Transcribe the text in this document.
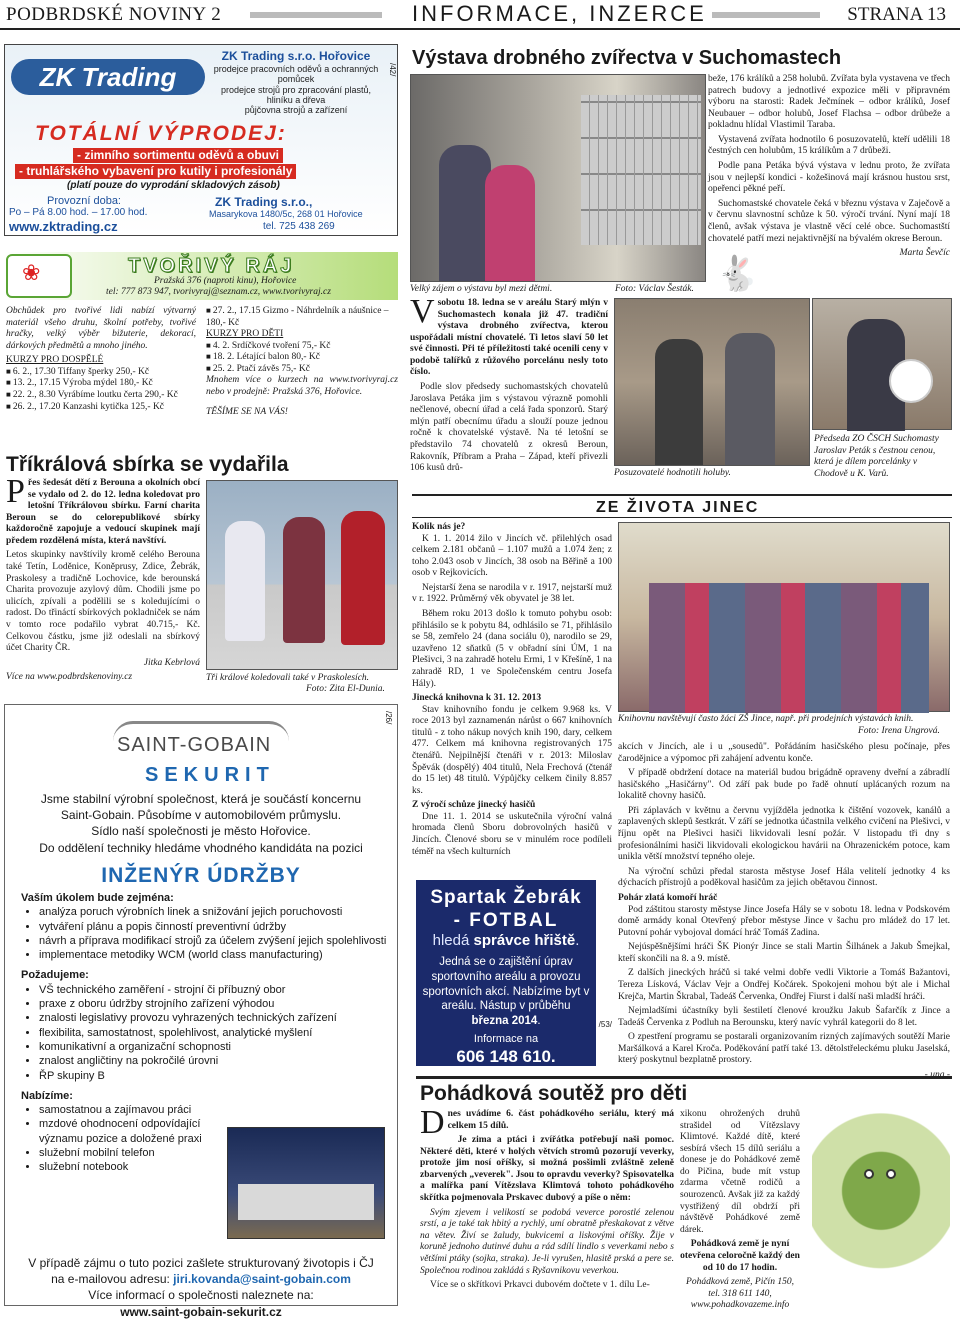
PODBRDSKÉ NOVINY 2	INFORMACE, INZERCE	STRANA 13
ZK Trading
ZK Trading s.r.o. Hořovice
prodejce pracovních oděvů a ochranných pomůcek
prodejce strojů pro zpracování plastů, hliníku a dřeva
půjčovna strojů a zařízení
/42/
TOTÁLNÍ VÝPRODEJ:
- zimního sortimentu oděvů a obuvi
- truhlářského vybavení pro kutily i profesionály
(platí pouze do vyprodání skladových zásob)
Provozní doba:
Po – Pá 8.00 hod. – 17.00 hod.
www.zktrading.cz
ZK Trading s.r.o.,
Masarykova 1480/5c, 268 01 Hořovice
tel. 725 438 269
❀	TVOŘIVÝ RÁJ
Pražská 376 (naproti kinu), Hořovice
tel: 777 873 947, tvorivyraj@seznam.cz, www.tvorivyraj.cz

Obchůdek pro tvořivé lidi nabízí výtvarný materiál všeho druhu, školní potřeby, tvořivé hračky, velký výběr bižuterie, dekorací, dárkových předmětů a mnoho jiného.

KURZY PRO DOSPĚLÉ
■ 6. 2., 17.30 Tiffany šperky 250,- Kč
■ 13. 2., 17.15 Výroba mýdel 180,- Kč
■ 22. 2., 8.30 Vyrábíme loutku čerta 290,- Kč
■ 26. 2., 17.20 Kanzashi kytička 125,- Kč
■ 27. 2., 17.15 Gizmo - Náhrdelník a náušnice – 180,- Kč
KURZY PRO DĚTI
■ 4. 2. Srdíčkové tvoření 75,- Kč
■ 18. 2. Létající balon 80,- Kč
■ 25. 2. Ptačí závěs 75,- Kč

Mnohem více o kurzech na www.tvorivyraj.cz nebo v prodejně: Pražská 376, Hořovice.

TĚŠÍME SE NA VÁS!

Tříkrálová sbírka se vydařila

Přes šedesát dětí z Berouna a okolních obcí se vydalo od 2. do 12. ledna koledovat pro letošní Tříkrálovou sbírku. Farní charita Beroun se do celorepublikové sbírky každoročně zapojuje a vedoucí skupinek mají předem rozdělená místa, která navštíví.

Letos skupinky navštívily kromě celého Berouna také Tetín, Loděnice, Koněprusy, Zdice, Žebrák, Praskolesy a tradičně Lochovice, kde berounská Charita provozuje azylový dům. Chodili jsme po ulicích, zpívali a podělili se s koledujícími o radost. Do třináctí sbírkových pokladniček se nám v tomto roce podařilo vybrat 40.715,- Kč. Celkovou částku, jsme již odeslali na sbírkový účet Charity ČR.

Jitka Kebrlová

Více na www.podbrdskenoviny.cz	Tři králové koledovali také v Praskolesích.
Foto: Zita El-Dunia.
SAINT-GOBAIN
SEKURIT
/26/
Jsme stabilní výrobní společnost, která je součástí koncernu
Saint-Gobain. Působíme v automobilovém průmyslu.
Sídlo naší společnosti je město Hořovice.
Do oddělení techniky hledáme vhodného kandidáta na pozici
INŽENÝR ÚDRŽBY
Vaším úkolem bude zejména:
• analýza poruch výrobních linek a snižování jejich poruchovosti
• vytváření plánu a popis činností preventivní údržby
• návrh a příprava modifikací strojů za účelem zvýšení jejich spolehlivosti
• implementace metodiky WCM (world class manufacturing)
Požadujeme:
• VŠ technického zaměření - strojní či příbuzný obor
• praxe z oboru údržby strojního zařízení výhodou
• znalosti legislativy provozu vyhrazených technických zařízení
• flexibilita, samostatnost, spolehlivost, analytické myšlení
• komunikativní a organizační schopnosti
• znalost angličtiny na pokročilé úrovni
• ŘP skupiny B
Nabízíme:
• samostatnou a zajímavou práci
• mzdové ohodnocení odpovídající významu pozice a doložené praxi
• služební mobilní telefon
• služební notebook
V případě zájmu o tuto pozici zašlete strukturovaný životopis i ČJ
na e-mailovou adresu: jiri.kovanda@saint-gobain.com
Více informací o společnosti naleznete na:
www.saint-gobain-sekurit.cz
Výstava drobného zvířectva v Suchomastech
Velký zájem o výstavu byl mezi dětmi.	Foto: Václav Šesták.

beže, 176 králíků a 258 holubů. Zvířata byla vystavena ve třech patrech budovy a jednotlivé expozice měli v připravném výboru na starosti: Radek Ječmínek – odbor králíků, Josef Neubauer – odbor holubů, Josef Flachsa – odbor drůbeže a pokladnu hlídal Vlastimil Taraba.

Vystavená zvířata hodnotilo 6 posuzovatelů, kteří udělili 18 čestných cen holubům, 15 králíkům a 7 drůbeži.

Podle pana Petáka bývá výstava v lednu proto, že zvířata jsou v nejlepší kondici - kožešinová mají krásnou hustou srst, opeřenci pěkné peří.

Suchomastské chovatele čeká v březnu výstava v Zaječově a v červnu slavnostní schůze k 50. výročí trvání. Nyní mají 18 členů, avšak výstava je vlastně věcí celé obce. Suchomastští chovatelé patří mezi nejaktivnější na bývalém okrese Beroun.

Marta Ševčíc

🐇

Vsobotu 18. ledna se v areálu Starý mlýn v Suchomastech konala již 47. tradiční výstava drobného zvířectva, kterou uspořádali místní chovatelé. Ti letos slaví 50 let své činnosti. Při té příležitosti také ocenili ceny v podobě talířků z růžového porcelánu nesly toto číslo.

Podle slov předsedy suchomastských chovatelů Jaroslava Petáka jim s výstavou výrazně pomohli nečlenové, obecní úřad a celá řada sponzorů. Starý mlýn patří obecnímu úřadu a slouží pouze jednou ročně k chovatelské výstavě. Na té letošní se představilo 74 chovatelů z okresů Beroun, Rakovník, Příbram a Praha – Západ, kteří přivezli 106 kusů drů-	Posuzovatelé hodnotili holuby.
Předseda ZO ČSCH Suchomasty Jaroslav Peták s čestnou cenou, která je dílem porcelánky v Chodově u K. Varů.
ZE ŽIVOTA JINEC
Kolik nás je?

K 1. 1. 2014 žilo v Jincích vč. přilehlých osad celkem 2.181 občanů – 1.107 mužů a 1.074 žen; z toho 2.043 osob v Jincích, 38 osob na Běřině a 100 osob v Rejkovicích.

Nejstarší žena se narodila v r. 1917, nejstarší muž v r. 1922. Průměrný věk obyvatel je 38 let.

Během roku 2013 došlo k tomuto pohybu osob: přihlásilo se k pobytu 84, odhlásilo se 71, přihlásilo se 58, zemřelo 24 (dana sociálu 0), narodilo se 29, uzavřeno 12 sňatků (5 v obřadní síni ÚM, 1 na Plešivci, 3 na zahradě hotelu Ermi, 1 v Křešíně, 1 na zahradě RD, 1 ve Společenském centru Josefa Hály).

Jinecká knihovna k 31. 12. 2013

Stav knihovního fondu je celkem 9.968 ks. V roce 2013 byl zaznamenán nárůst o 667 knihovních titulů - z toho nákup nových knih 190, dary, celkem 477. Celkem má knihovna registrovaných 175 čtenářů. Nejpilnější čtenáři v r. 2013: Miloslav Špěvák (dospělý) 404 titulů, Nela Frechová (čtenář do 15 let) 48 titulů. Výpůjčky celkem činily 8.857 ks.

Z výročí schůze jinecký hasičů

Dne 11. 1. 2014 se uskutečnila výroční valná hromada členů Sboru dobrovolných hasičů v Jincích. Členové sboru se v minulém roce podíleli téměř na všech kulturních

Knihovnu navštěvují často žáci ZŠ Jince, např. při prodejních výstavách knih.
Foto: Irena Ungrová.

akcích v Jincích, ale i u „sousedů". Pořádáním hasičského plesu počínaje, přes čarodějnice a výpomoc při zahájení adventu konče.

V případě obdržení dotace na materiál budou brigádně opraveny dveřní a zábradlí hasičského „Hasičárny". Od září pak bude po řadě ohnutí uplácaných rozum na lokalitě chovny hasičů.

Při záplavách v květnu a červnu vyjížděla jednotka k čištění vozovek, kanálů a zaplavených sklepů šestkrát. V září se jednotka účastnila velkého cvičení na Plešivci, v říjnu opět na Plešivci hasiči likvidovali lesní požár. V listopadu tři dny s profesionálními hasiči likvidovali ekologickou havárii na Ohrazenickém potoce, kam unikla větší množství tepného oleje.

Na výroční schůzi předal starosta městyse Josef Hála velitelí jednotky 4 ks dýchacích přístrojů a poděkoval hasičům za jejich obětavou činnost.

Pohár zlatá komoří hráč

Pod záštitou starosty městyse Jince Josefa Hály se v sobotu 18. ledna v Podskovém domě armády konal Otevřený přebor městyse Jince v šachu pro mládež do 17 let. Putovní pohár vybojoval domácí hráč Tomáš Zadina.

Nejúspěšnějšími hráči ŠK Pionýr Jince se stali Martin Šilhánek a Jakub Šmejkal, kteří skončili na 8. a 9. místě.

Z dalších jineckých hráčů si také velmi dobře vedli Viktorie a Tomáš Bažantovi, Tereza Lísková, Václav Vejr a Ondřej Kočárek. Spokojeni mohou být ale i Michal Krejča, Martin Škrabal, Tadeáš Červenka, Ondřej Fiurst i další naši mladší hráči.

Nejmladšími účastníky byli šestiletí členové kroužku Jakub Šafarčík z Jince a Tadeáš Červenka z Podluh na Berounsku, který navíc vyhrál kategorii do 8 let.

O zpestření programu se postarali organizovaním rizných zajímavých soutěží Marie Maršálková a Karel Kroča. Poděkování patří také 13. dětolstřeleckému pluku Jaselská, který poskytnul bezplatně prostory.

- ung -

Spartak Žebrák
- FOTBAL
hledá správce hřiště.
Jedná se o zajištění úprav sportovního areálu a provozu sportovních akcí. Nabízíme byt v areálu. Nástup v průběhu března 2014.
Informace na
606 148 610.
/53/
Pohádková soutěž pro děti

Dnes uvádíme 6. část pohádkového seriálu, který má celkem 15 dílů.

Je zima a ptáci i zvířátka potřebují naši pomoc. Některé děti, které v holých větvích stromů pozorují veverky, protože jim nosí oříšky, si možná posšimli zvláštně zeleně zbarvených „veverek". Jsou to opravdu veverky? Spisovatelka a malířka paní Vítězslava Klimtová tohoto pohádkového skřítka pojmenovala Prskavec dubový a píše o něm:

Svým zjevem i velikostí se podobá veverce porostlé zelenou srstí, a je také tak hbitý a rychlý, umí obratně přeskakovat z větve na větev. Živí se žaludy, bukvicemi a liskovými oříšky. Žije v koruně jednoho dutinvé duhu a rád sdílí lindlo s veverkami nebo s většími ptáky (sojka, straka). Je-li vyrušen, hlasitě prská a pere se. Společnou rodinou zakládá s Ryšavnikovu veverkou.

Více se o skřítkovi Prkavci dubovém dočtete v 1. dílu Le-

xikonu ohrožených druhů strašidel od Vítězslavy Klimtové. Každé dítě, které sesbírá všech 15 dílů seriálu a donese je do Pohádkové země do Pičina, bude mít vstup zdarma včetně rodičů a sourozenců. Avšak již za každý vystřižený díl obdrží při návštěvě Pohádkové země dárek.

Pohádková země je nyní otevřena celoročně každý den od 10 do 17 hodin.

Pohádková země, Pičín 150, tel. 318 611 140, www.pohadkovazeme.info
